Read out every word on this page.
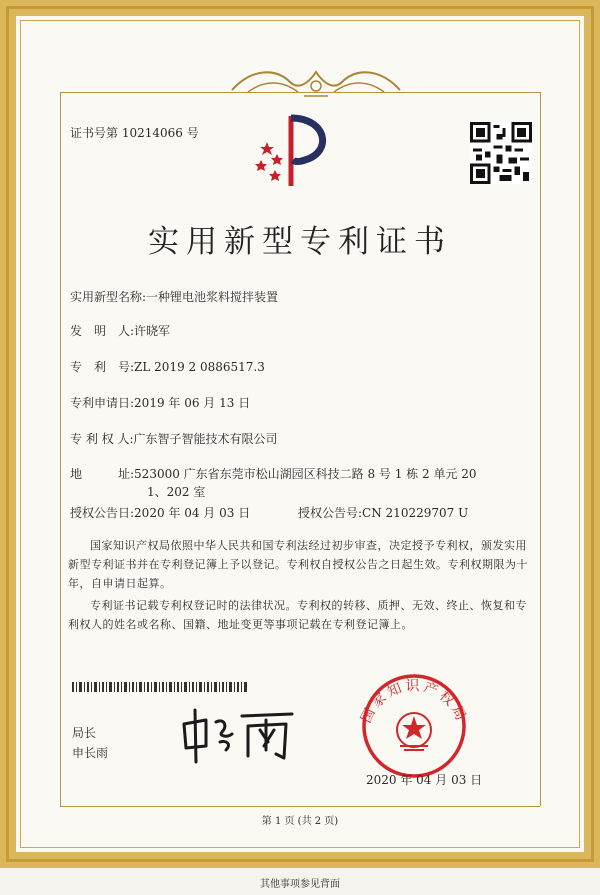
证书号第 10214066 号
实用新型专利证书
实用新型名称:一种锂电池浆料搅拌装置
发　明　人:许晓军
专　利　号:ZL 2019 2 0886517.3
专利申请日:2019 年 06 月 13 日
专 利 权 人:广东智子智能技术有限公司
地　　　址:523000 广东省东莞市松山湖园区科技二路 8 号 1 栋 2 单元 20
1、202 室
授权公告日:2020 年 04 月 03 日	授权公告号:CN 210229707 U
国家知识产权局依照中华人民共和国专利法经过初步审查，决定授予专利权，颁发实用新型专利证书并在专利登记簿上予以登记。专利权自授权公告之日起生效。专利权期限为十年，自申请日起算。
专利证书记载专利权登记时的法律状况。专利权的转移、质押、无效、终止、恢复和专利权人的姓名或名称、国籍、地址变更等事项记载在专利登记簿上。
局长
申长雨
国家知识产权局
2020 年 04 月 03 日
第 1 页 (共 2 页)
其他事项参见背面
